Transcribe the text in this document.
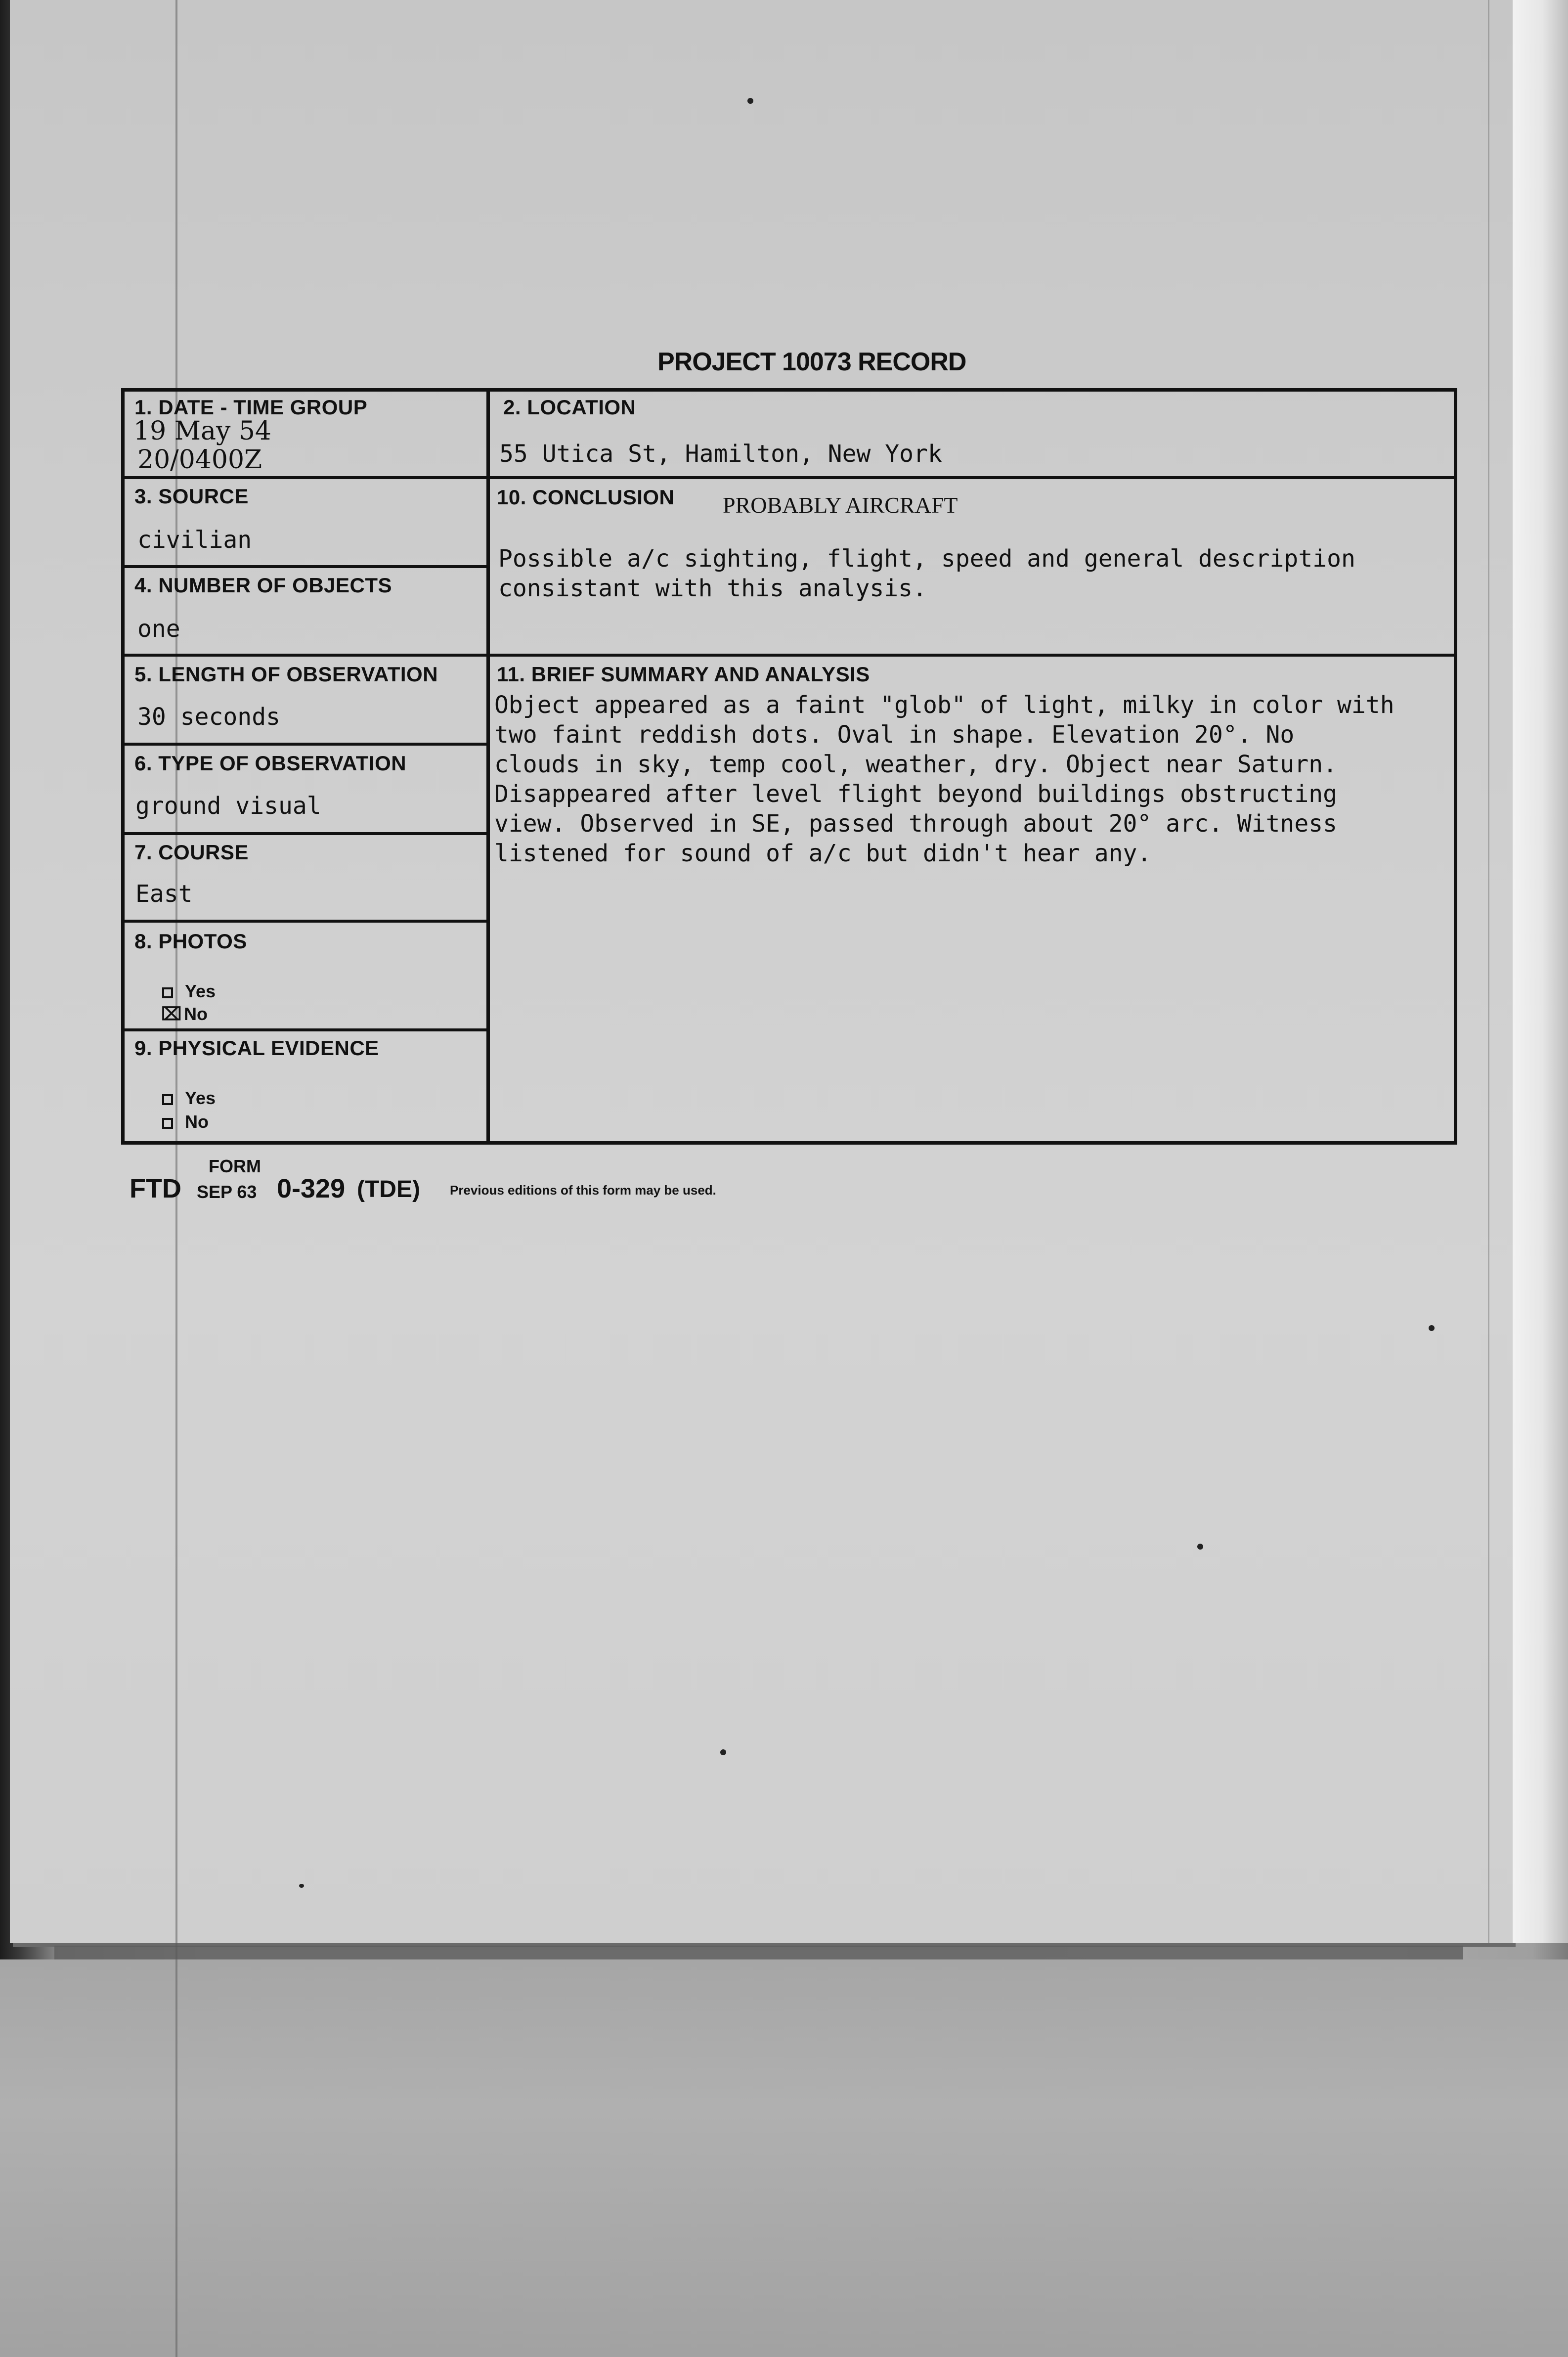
PROJECT 10073 RECORD
1. DATE - TIME GROUP
19 May 54
20/0400Z
2. LOCATION
55 Utica St, Hamilton, New York
3. SOURCE
civilian
4. NUMBER OF OBJECTS
one
10. CONCLUSION PROBABLY AIRCRAFT
Possible a/c sighting, flight, speed and general description
consistant with this analysis.
5. LENGTH OF OBSERVATION
30 seconds
6. TYPE OF OBSERVATION
ground visual
7. COURSE
East
8. PHOTOS
Yes
⌧ No
9. PHYSICAL EVIDENCE
Yes
No
11. BRIEF SUMMARY AND ANALYSIS
Object appeared as a faint "glob" of light, milky in color with
two faint reddish dots. Oval in shape. Elevation 20°. No
clouds in sky, temp cool, weather, dry. Object near Saturn.
Disappeared after level flight beyond buildings obstructing
view. Observed in SE, passed through about 20° arc. Witness
listened for sound of a/c but didn't hear any.
FTD
FORM
SEP 63 0-329 (TDE) Previous editions of this form may be used.
